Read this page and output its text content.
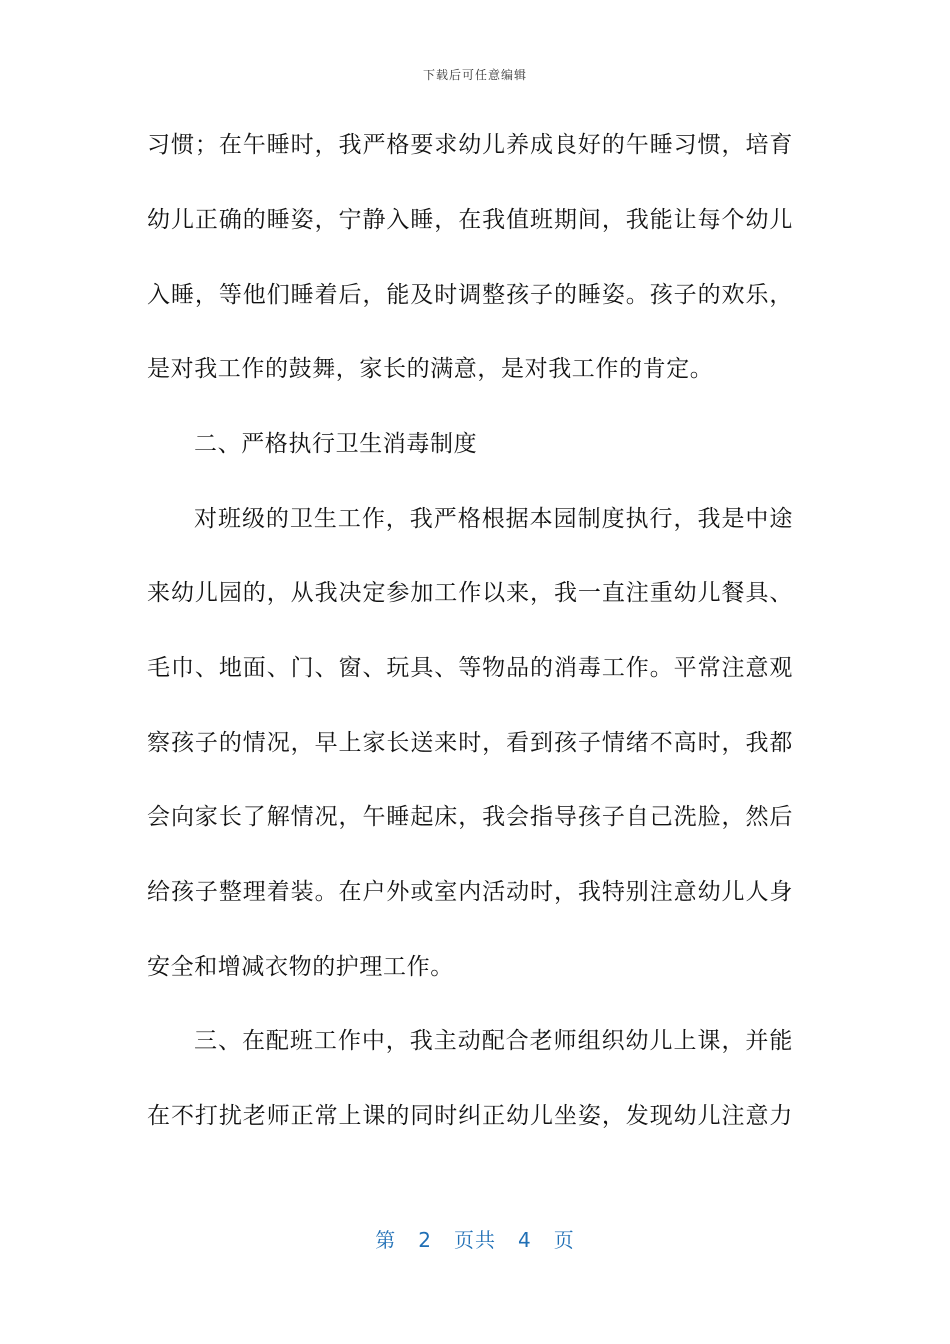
下载后可任意编辑
习惯；在午睡时，我严格要求幼儿养成良好的午睡习惯，培育
幼儿正确的睡姿，宁静入睡，在我值班期间，我能让每个幼儿
入睡，等他们睡着后，能及时调整孩子的睡姿。孩子的欢乐，
是对我工作的鼓舞，家长的满意，是对我工作的肯定。
二、严格执行卫生消毒制度
对班级的卫生工作，我严格根据本园制度执行，我是中途
来幼儿园的，从我决定参加工作以来，我一直注重幼儿餐具、
毛巾、地面、门、窗、玩具、等物品的消毒工作。平常注意观
察孩子的情况，早上家长送来时，看到孩子情绪不高时，我都
会向家长了解情况，午睡起床，我会指导孩子自己洗脸，然后
给孩子整理着装。在户外或室内活动时，我特别注意幼儿人身
安全和增减衣物的护理工作。
三、在配班工作中，我主动配合老师组织幼儿上课，并能
在不打扰老师正常上课的同时纠正幼儿坐姿，发现幼儿注意力
第 2 页共 4 页
